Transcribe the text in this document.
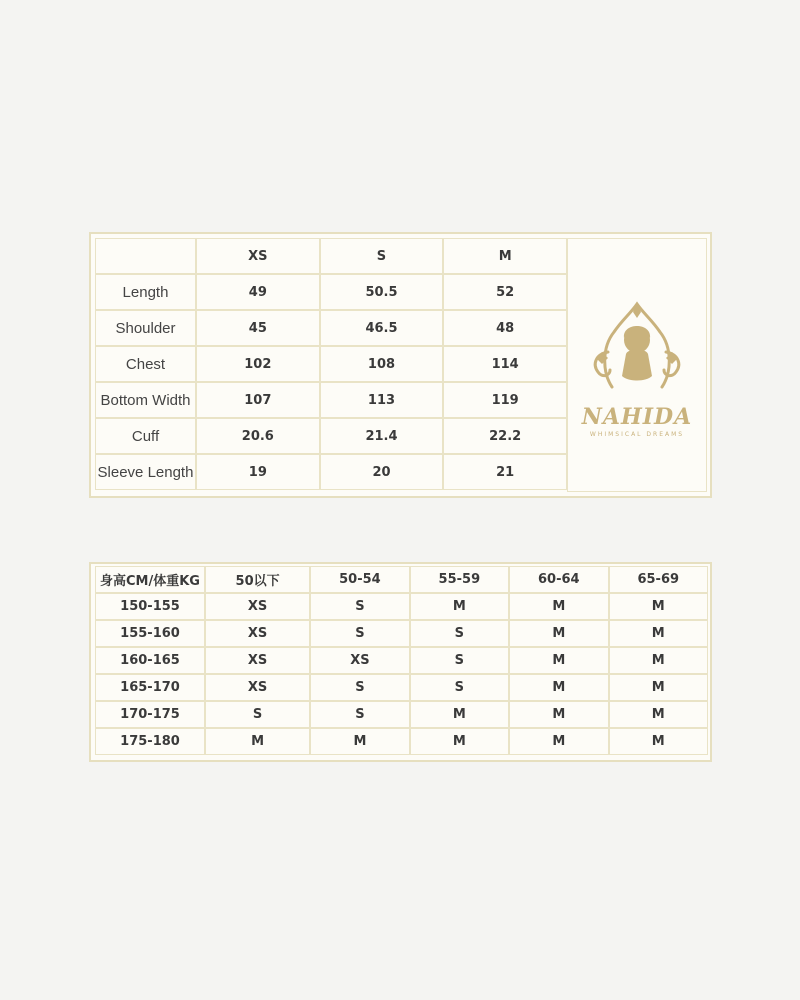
	XS	S	M
Length	49	50.5	52
Shoulder	45	46.5	48
Chest	102	108	114
Bottom Width	107	113	119
Cuff	20.6	21.4	22.2
Sleeve Length	19	20	21
NAHIDA
WHIMSICAL DREAMS
身高CM/体重KG	50以下	50-54	55-59	60-64	65-69
150-155	XS	S	M	M	M
155-160	XS	S	S	M	M
160-165	XS	XS	S	M	M
165-170	XS	S	S	M	M
170-175	S	S	M	M	M
175-180	M	M	M	M	M
